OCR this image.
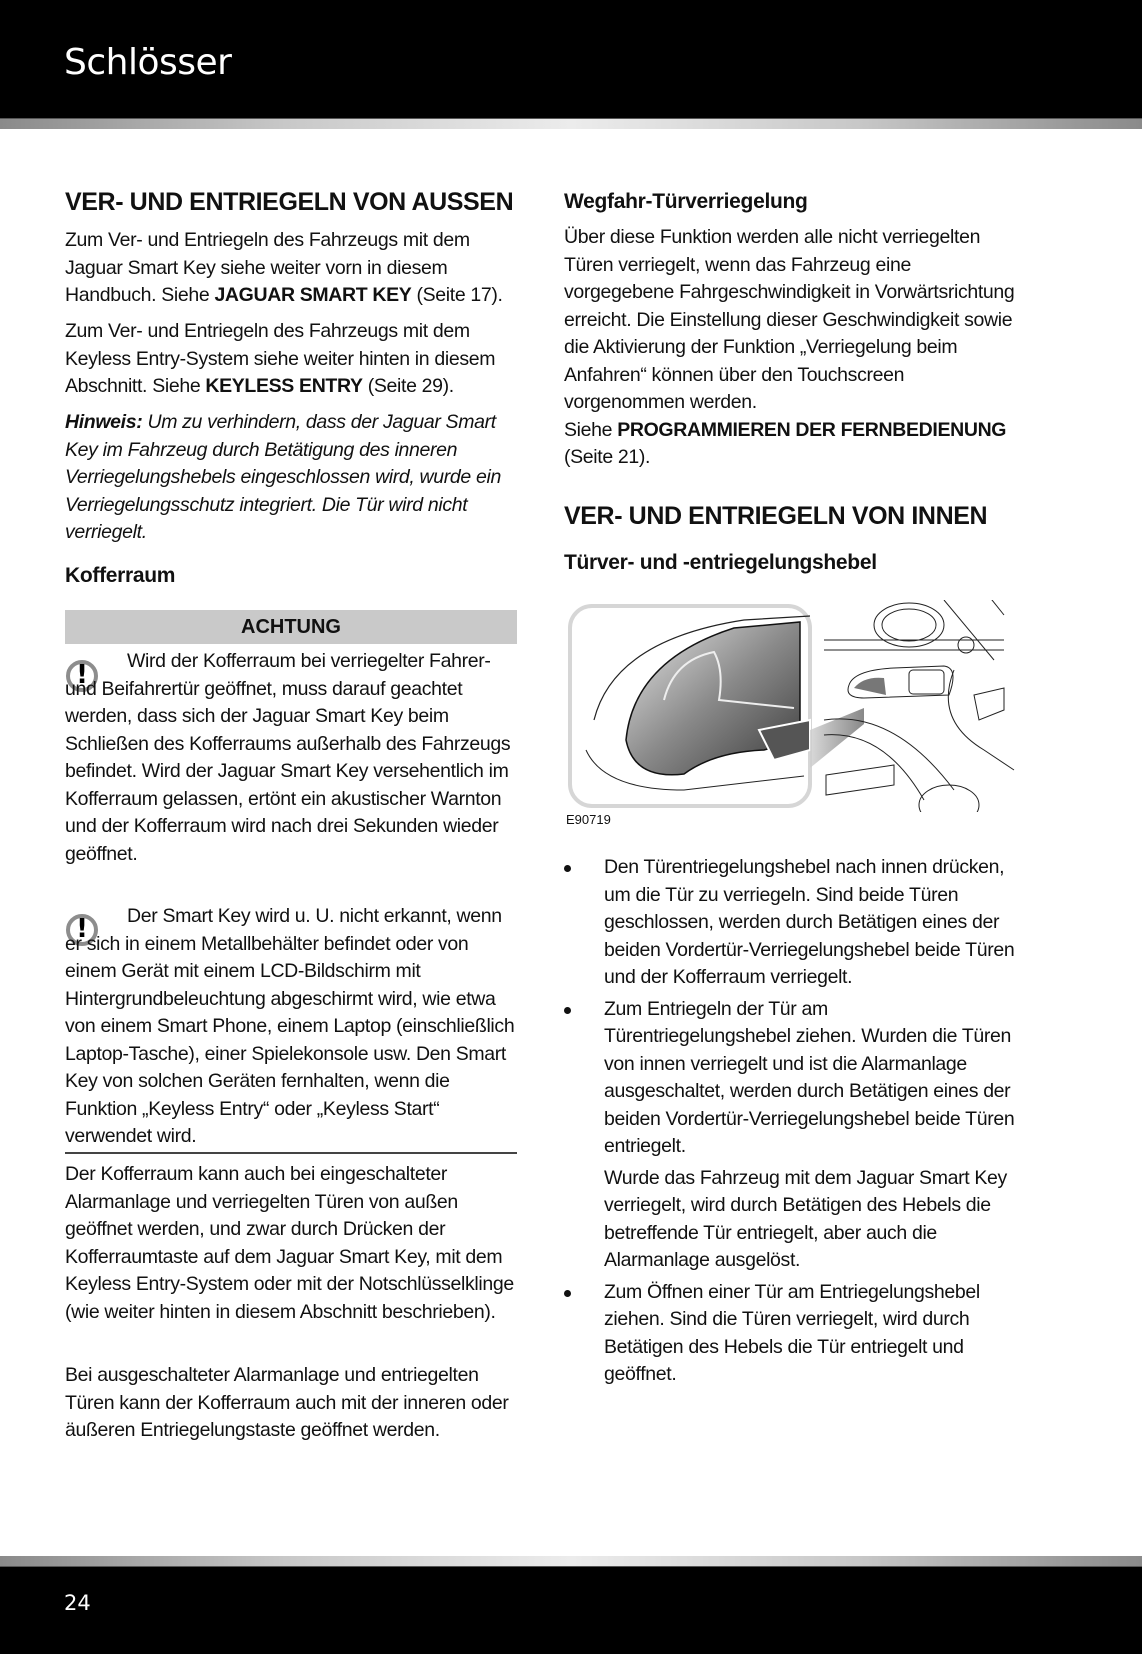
Schlösser
VER- UND ENTRIEGELN VON AUSSEN

Zum Ver- und Entriegeln des Fahrzeugs mit dem Jaguar Smart Key siehe weiter vorn in diesem Handbuch. Siehe JAGUAR SMART KEY (Seite 17).

Zum Ver- und Entriegeln des Fahrzeugs mit dem Keyless Entry-System siehe weiter hinten in diesem Abschnitt. Siehe KEYLESS ENTRY (Seite 29).

Hinweis: Um zu verhindern, dass der Jaguar Smart Key im Fahrzeug durch Betätigung des inneren Verriegelungshebels eingeschlossen wird, wurde ein Verriegelungsschutz integriert. Die Tür wird nicht verriegelt.

Kofferraum
ACHTUNG
!

Wird der Kofferraum bei verriegelter Fahrer- und Beifahrertür geöffnet, muss darauf geachtet werden, dass sich der Jaguar Smart Key beim Schließen des Kofferraums außerhalb des Fahrzeugs befindet. Wird der Jaguar Smart Key versehentlich im Kofferraum gelassen, ertönt ein akustischer Warnton und der Kofferraum wird nach drei Sekunden wieder geöffnet.

!

Der Smart Key wird u. U. nicht erkannt, wenn er sich in einem Metallbehälter befindet oder von einem Gerät mit einem LCD-Bildschirm mit Hintergrundbeleuchtung abgeschirmt wird, wie etwa von einem Smart Phone, einem Laptop (einschließlich Laptop-Tasche), einer Spielekonsole usw. Den Smart Key von solchen Geräten fernhalten, wenn die Funktion „Keyless Entry“ oder „Keyless Start“ verwendet wird.

Der Kofferraum kann auch bei eingeschalteter Alarmanlage und verriegelten Türen von außen geöffnet werden, und zwar durch Drücken der Kofferraumtaste auf dem Jaguar Smart Key, mit dem Keyless Entry-System oder mit der Notschlüsselklinge (wie weiter hinten in diesem Abschnitt beschrieben).

Bei ausgeschalteter Alarmanlage und entriegelten Türen kann der Kofferraum auch mit der inneren oder äußeren Entriegelungstaste geöffnet werden.

Wegfahr-Türverriegelung

Über diese Funktion werden alle nicht verriegelten Türen verriegelt, wenn das Fahrzeug eine vorgegebene Fahrgeschwindigkeit in Vorwärtsrichtung erreicht. Die Einstellung dieser Geschwindigkeit sowie die Aktivierung der Funktion „Verriegelung beim Anfahren“ können über den Touchscreen vorgenommen werden.
Siehe PROGRAMMIEREN DER FERNBEDIENUNG (Seite 21).

VER- UND ENTRIEGELN VON INNEN
Türver- und -entriegelungshebel
E90719
Den Türentriegelungshebel nach innen drücken, um die Tür zu verriegeln. Sind beide Türen geschlossen, werden durch Betätigen eines der beiden Vordertür-Verriegelungshebel beide Türen und der Kofferraum verriegelt.
Zum Entriegeln der Tür am Türentriegelungshebel ziehen. Wurden die Türen von innen verriegelt und ist die Alarmanlage ausgeschaltet, werden durch Betätigen eines der beiden Vordertür-Verriegelungshebel beide Türen entriegelt.
Wurde das Fahrzeug mit dem Jaguar Smart Key verriegelt, wird durch Betätigen des Hebels die betreffende Tür entriegelt, aber auch die Alarmanlage ausgelöst.
Zum Öffnen einer Tür am Entriegelungshebel ziehen. Sind die Türen verriegelt, wird durch Betätigen des Hebels die Tür entriegelt und geöffnet.
24
